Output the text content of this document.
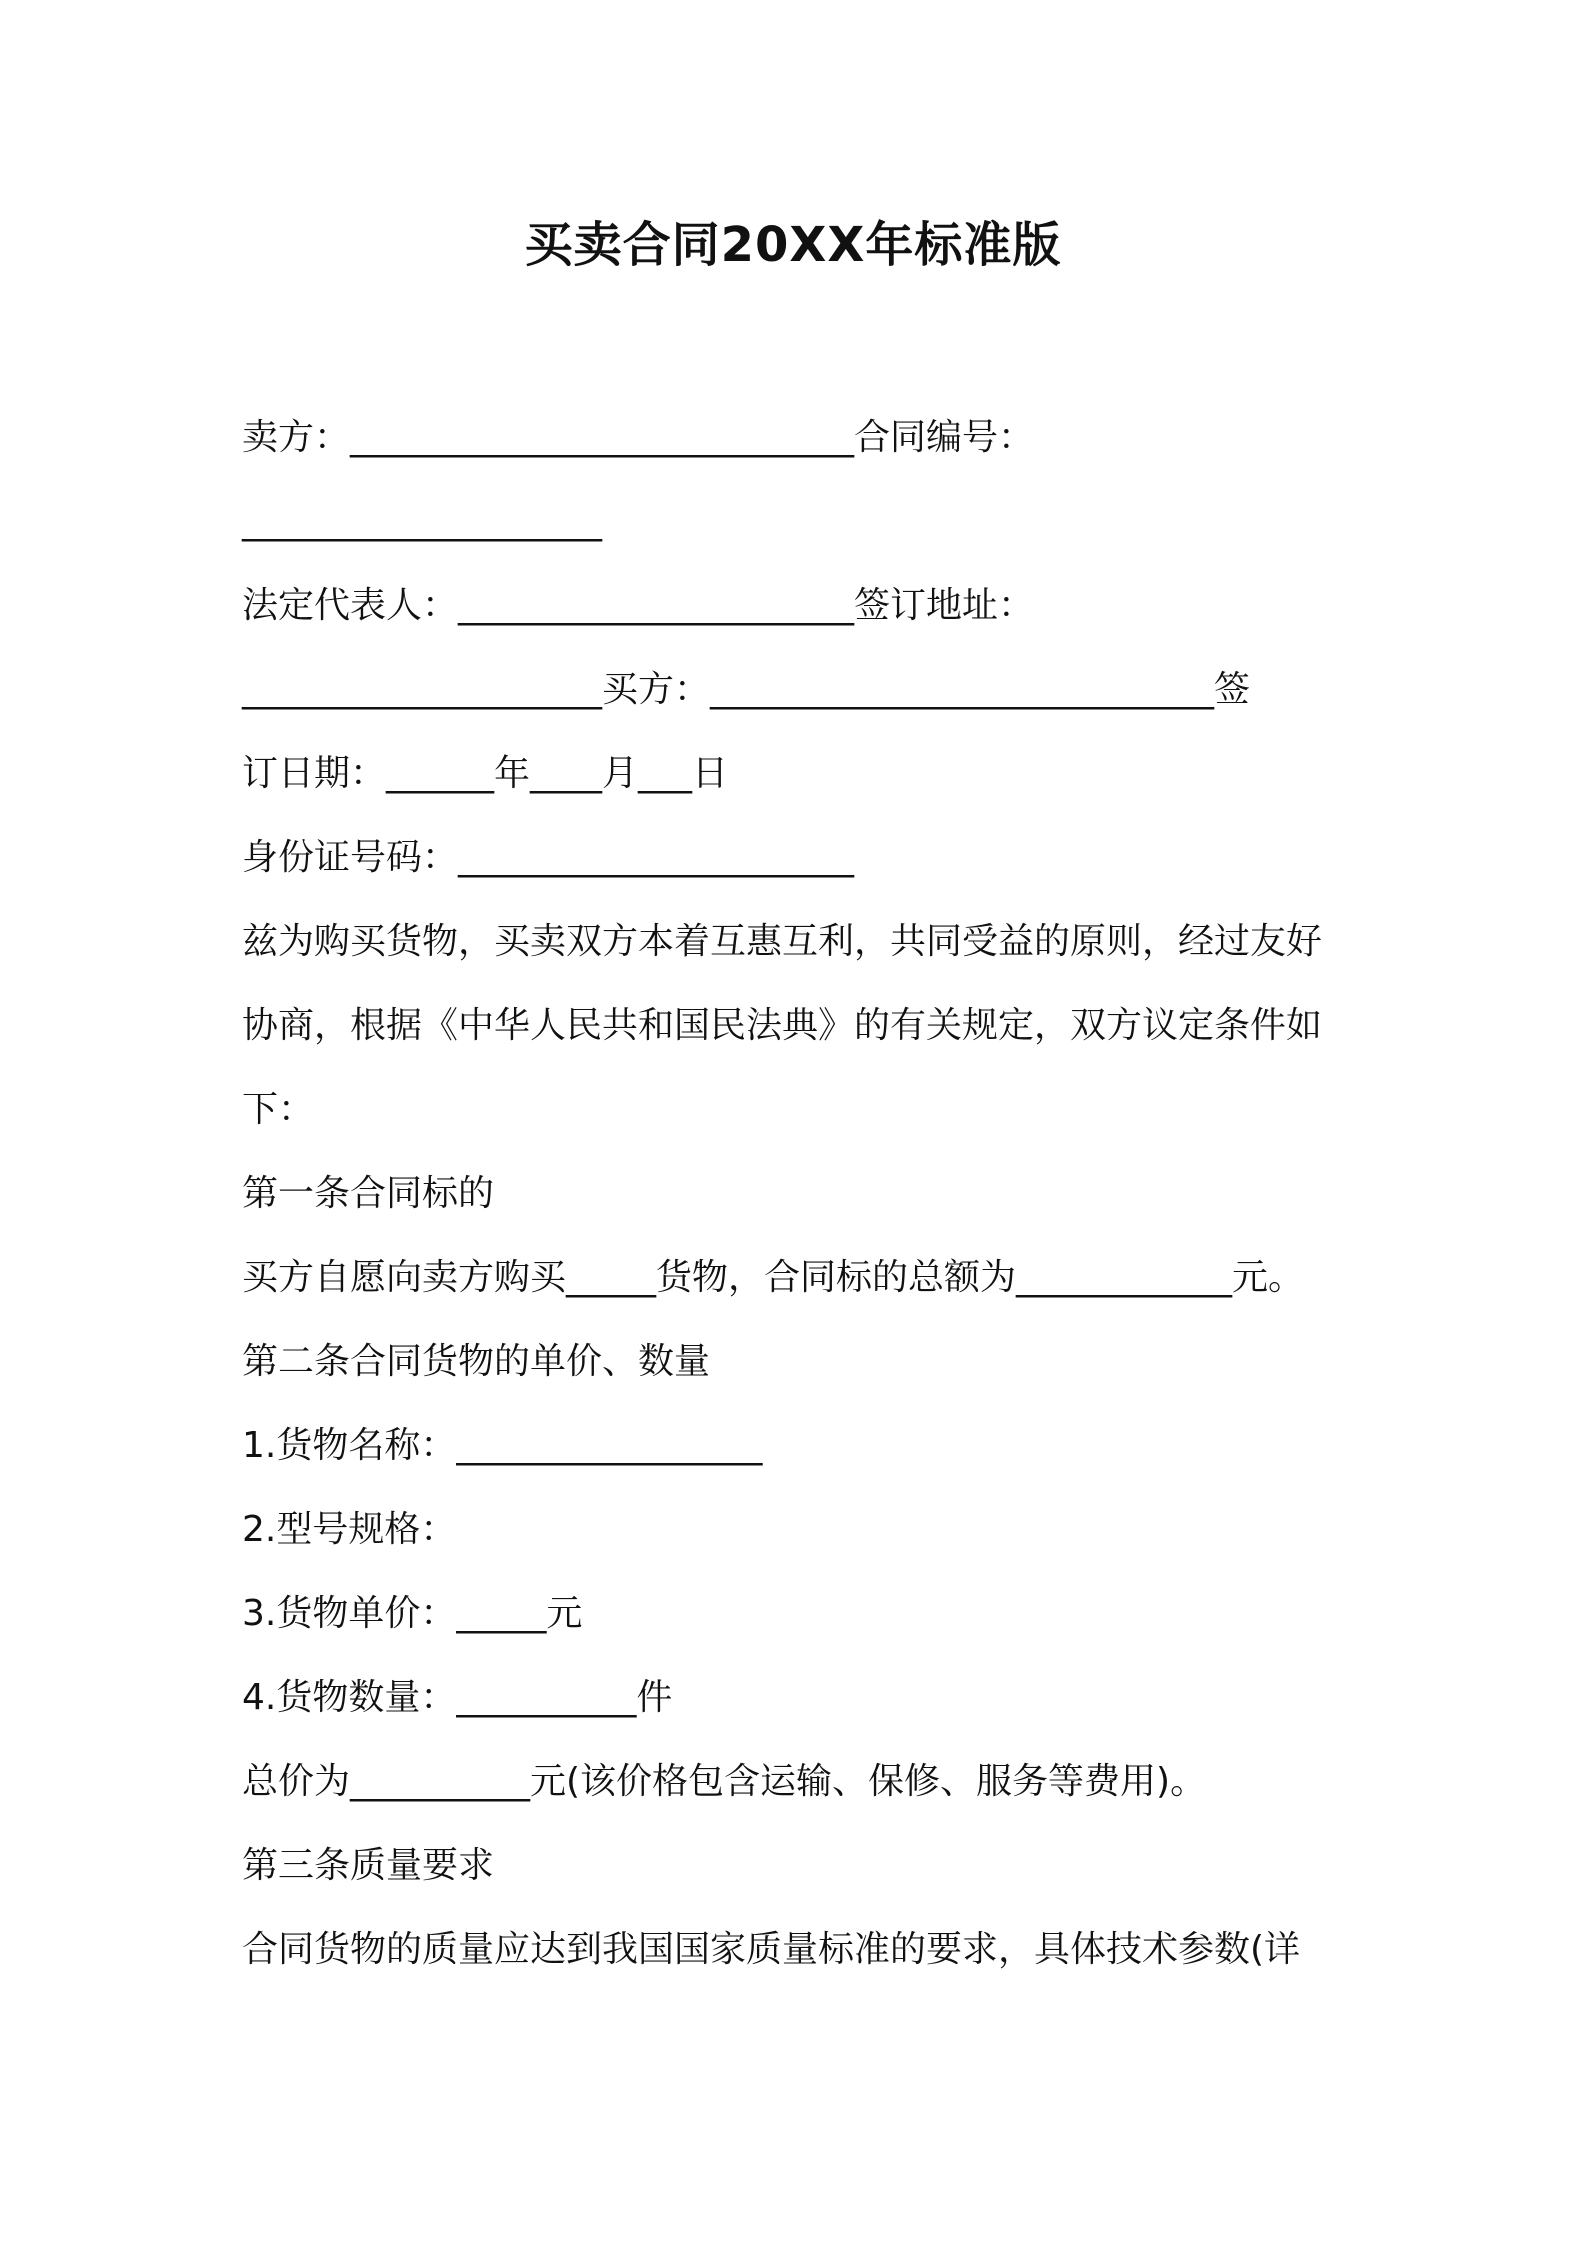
买卖合同20XX年标准版
卖方：____________________________合同编号：
____________________
法定代表人：______________________签订地址：
____________________买方：____________________________签
订日期：______年____月___日
身份证号码：______________________
兹为购买货物，买卖双方本着互惠互利，共同受益的原则，经过友好
协商，根据《中华人民共和国民法典》的有关规定，双方议定条件如
下：
第一条合同标的
买方自愿向卖方购买_____货物，合同标的总额为____________元。
第二条合同货物的单价、数量
1.货物名称：_________________
2.型号规格：
3.货物单价：_____元
4.货物数量：__________件
总价为__________元(该价格包含运输、保修、服务等费用)。
第三条质量要求
合同货物的质量应达到我国国家质量标准的要求，具体技术参数(详
